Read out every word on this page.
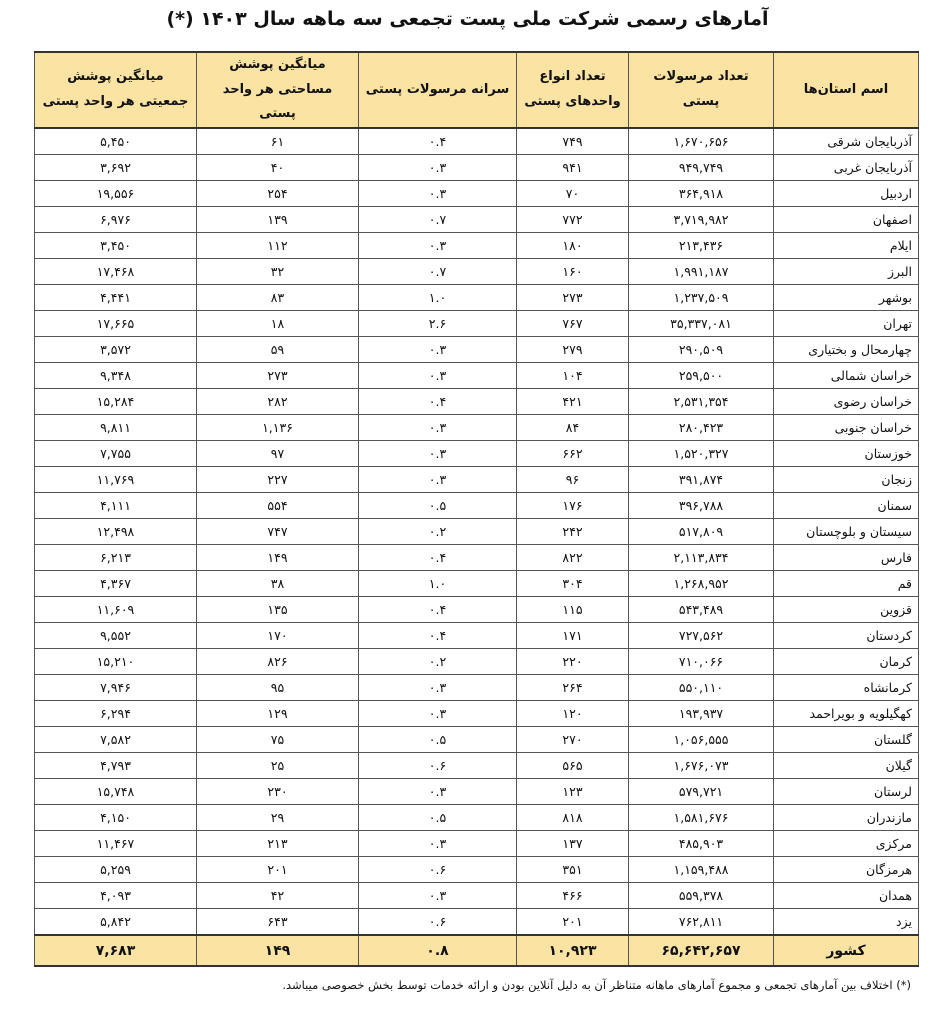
آمارهای رسمی شرکت ملی پست تجمعی سه ماهه سال ۱۴۰۳ (*)
اسم استان‌ها	تعداد مرسولات پستی	تعداد انواع واحدهای پستی	سرانه مرسولات پستی	میانگین پوشش مساحتی هر واحد پستی	میانگین پوشش جمعیتی هر واحد پستی
آذربایجان شرقی	۱,۶۷۰,۶۵۶	۷۴۹	۰.۴	۶۱	۵,۴۵۰
آذربایجان غربی	۹۴۹,۷۴۹	۹۴۱	۰.۳	۴۰	۳,۶۹۲
اردبیل	۳۶۴,۹۱۸	۷۰	۰.۳	۲۵۴	۱۹,۵۵۶
اصفهان	۳,۷۱۹,۹۸۲	۷۷۲	۰.۷	۱۳۹	۶,۹۷۶
ایلام	۲۱۳,۴۳۶	۱۸۰	۰.۳	۱۱۲	۳,۴۵۰
البرز	۱,۹۹۱,۱۸۷	۱۶۰	۰.۷	۳۲	۱۷,۴۶۸
بوشهر	۱,۲۳۷,۵۰۹	۲۷۳	۱.۰	۸۳	۴,۴۴۱
تهران	۳۵,۳۳۷,۰۸۱	۷۶۷	۲.۶	۱۸	۱۷,۶۶۵
چهارمحال و بختیاری	۲۹۰,۵۰۹	۲۷۹	۰.۳	۵۹	۳,۵۷۲
خراسان شمالی	۲۵۹,۵۰۰	۱۰۴	۰.۳	۲۷۳	۹,۳۴۸
خراسان رضوی	۲,۵۳۱,۳۵۴	۴۲۱	۰.۴	۲۸۲	۱۵,۲۸۴
خراسان جنوبی	۲۸۰,۴۲۳	۸۴	۰.۳	۱,۱۳۶	۹,۸۱۱
خوزستان	۱,۵۲۰,۳۲۷	۶۶۲	۰.۳	۹۷	۷,۷۵۵
زنجان	۳۹۱,۸۷۴	۹۶	۰.۳	۲۲۷	۱۱,۷۶۹
سمنان	۳۹۶,۷۸۸	۱۷۶	۰.۵	۵۵۴	۴,۱۱۱
سیستان و بلوچستان	۵۱۷,۸۰۹	۲۴۲	۰.۲	۷۴۷	۱۲,۴۹۸
فارس	۲,۱۱۳,۸۳۴	۸۲۲	۰.۴	۱۴۹	۶,۲۱۳
قم	۱,۲۶۸,۹۵۲	۳۰۴	۱.۰	۳۸	۴,۳۶۷
قزوین	۵۴۳,۴۸۹	۱۱۵	۰.۴	۱۳۵	۱۱,۶۰۹
کردستان	۷۲۷,۵۶۲	۱۷۱	۰.۴	۱۷۰	۹,۵۵۲
کرمان	۷۱۰,۰۶۶	۲۲۰	۰.۲	۸۲۶	۱۵,۲۱۰
کرمانشاه	۵۵۰,۱۱۰	۲۶۴	۰.۳	۹۵	۷,۹۴۶
کهگیلویه و بویراحمد	۱۹۳,۹۳۷	۱۲۰	۰.۳	۱۲۹	۶,۲۹۴
گلستان	۱,۰۵۶,۵۵۵	۲۷۰	۰.۵	۷۵	۷,۵۸۲
گیلان	۱,۶۷۶,۰۷۳	۵۶۵	۰.۶	۲۵	۴,۷۹۳
لرستان	۵۷۹,۷۲۱	۱۲۳	۰.۳	۲۳۰	۱۵,۷۴۸
مازندران	۱,۵۸۱,۶۷۶	۸۱۸	۰.۵	۲۹	۴,۱۵۰
مرکزی	۴۸۵,۹۰۳	۱۳۷	۰.۳	۲۱۳	۱۱,۴۶۷
هرمزگان	۱,۱۵۹,۴۸۸	۳۵۱	۰.۶	۲۰۱	۵,۲۵۹
همدان	۵۵۹,۳۷۸	۴۶۶	۰.۳	۴۲	۴,۰۹۳
یزد	۷۶۲,۸۱۱	۲۰۱	۰.۶	۶۴۳	۵,۸۴۲
کشور	۶۵,۶۴۲,۶۵۷	۱۰,۹۲۳	۰.۸	۱۴۹	۷,۶۸۳
(*) اختلاف بین آمارهای تجمعی و مجموع آمارهای ماهانه متناظر آن به دلیل آنلاین بودن و ارائه خدمات توسط بخش خصوصی میباشد.
